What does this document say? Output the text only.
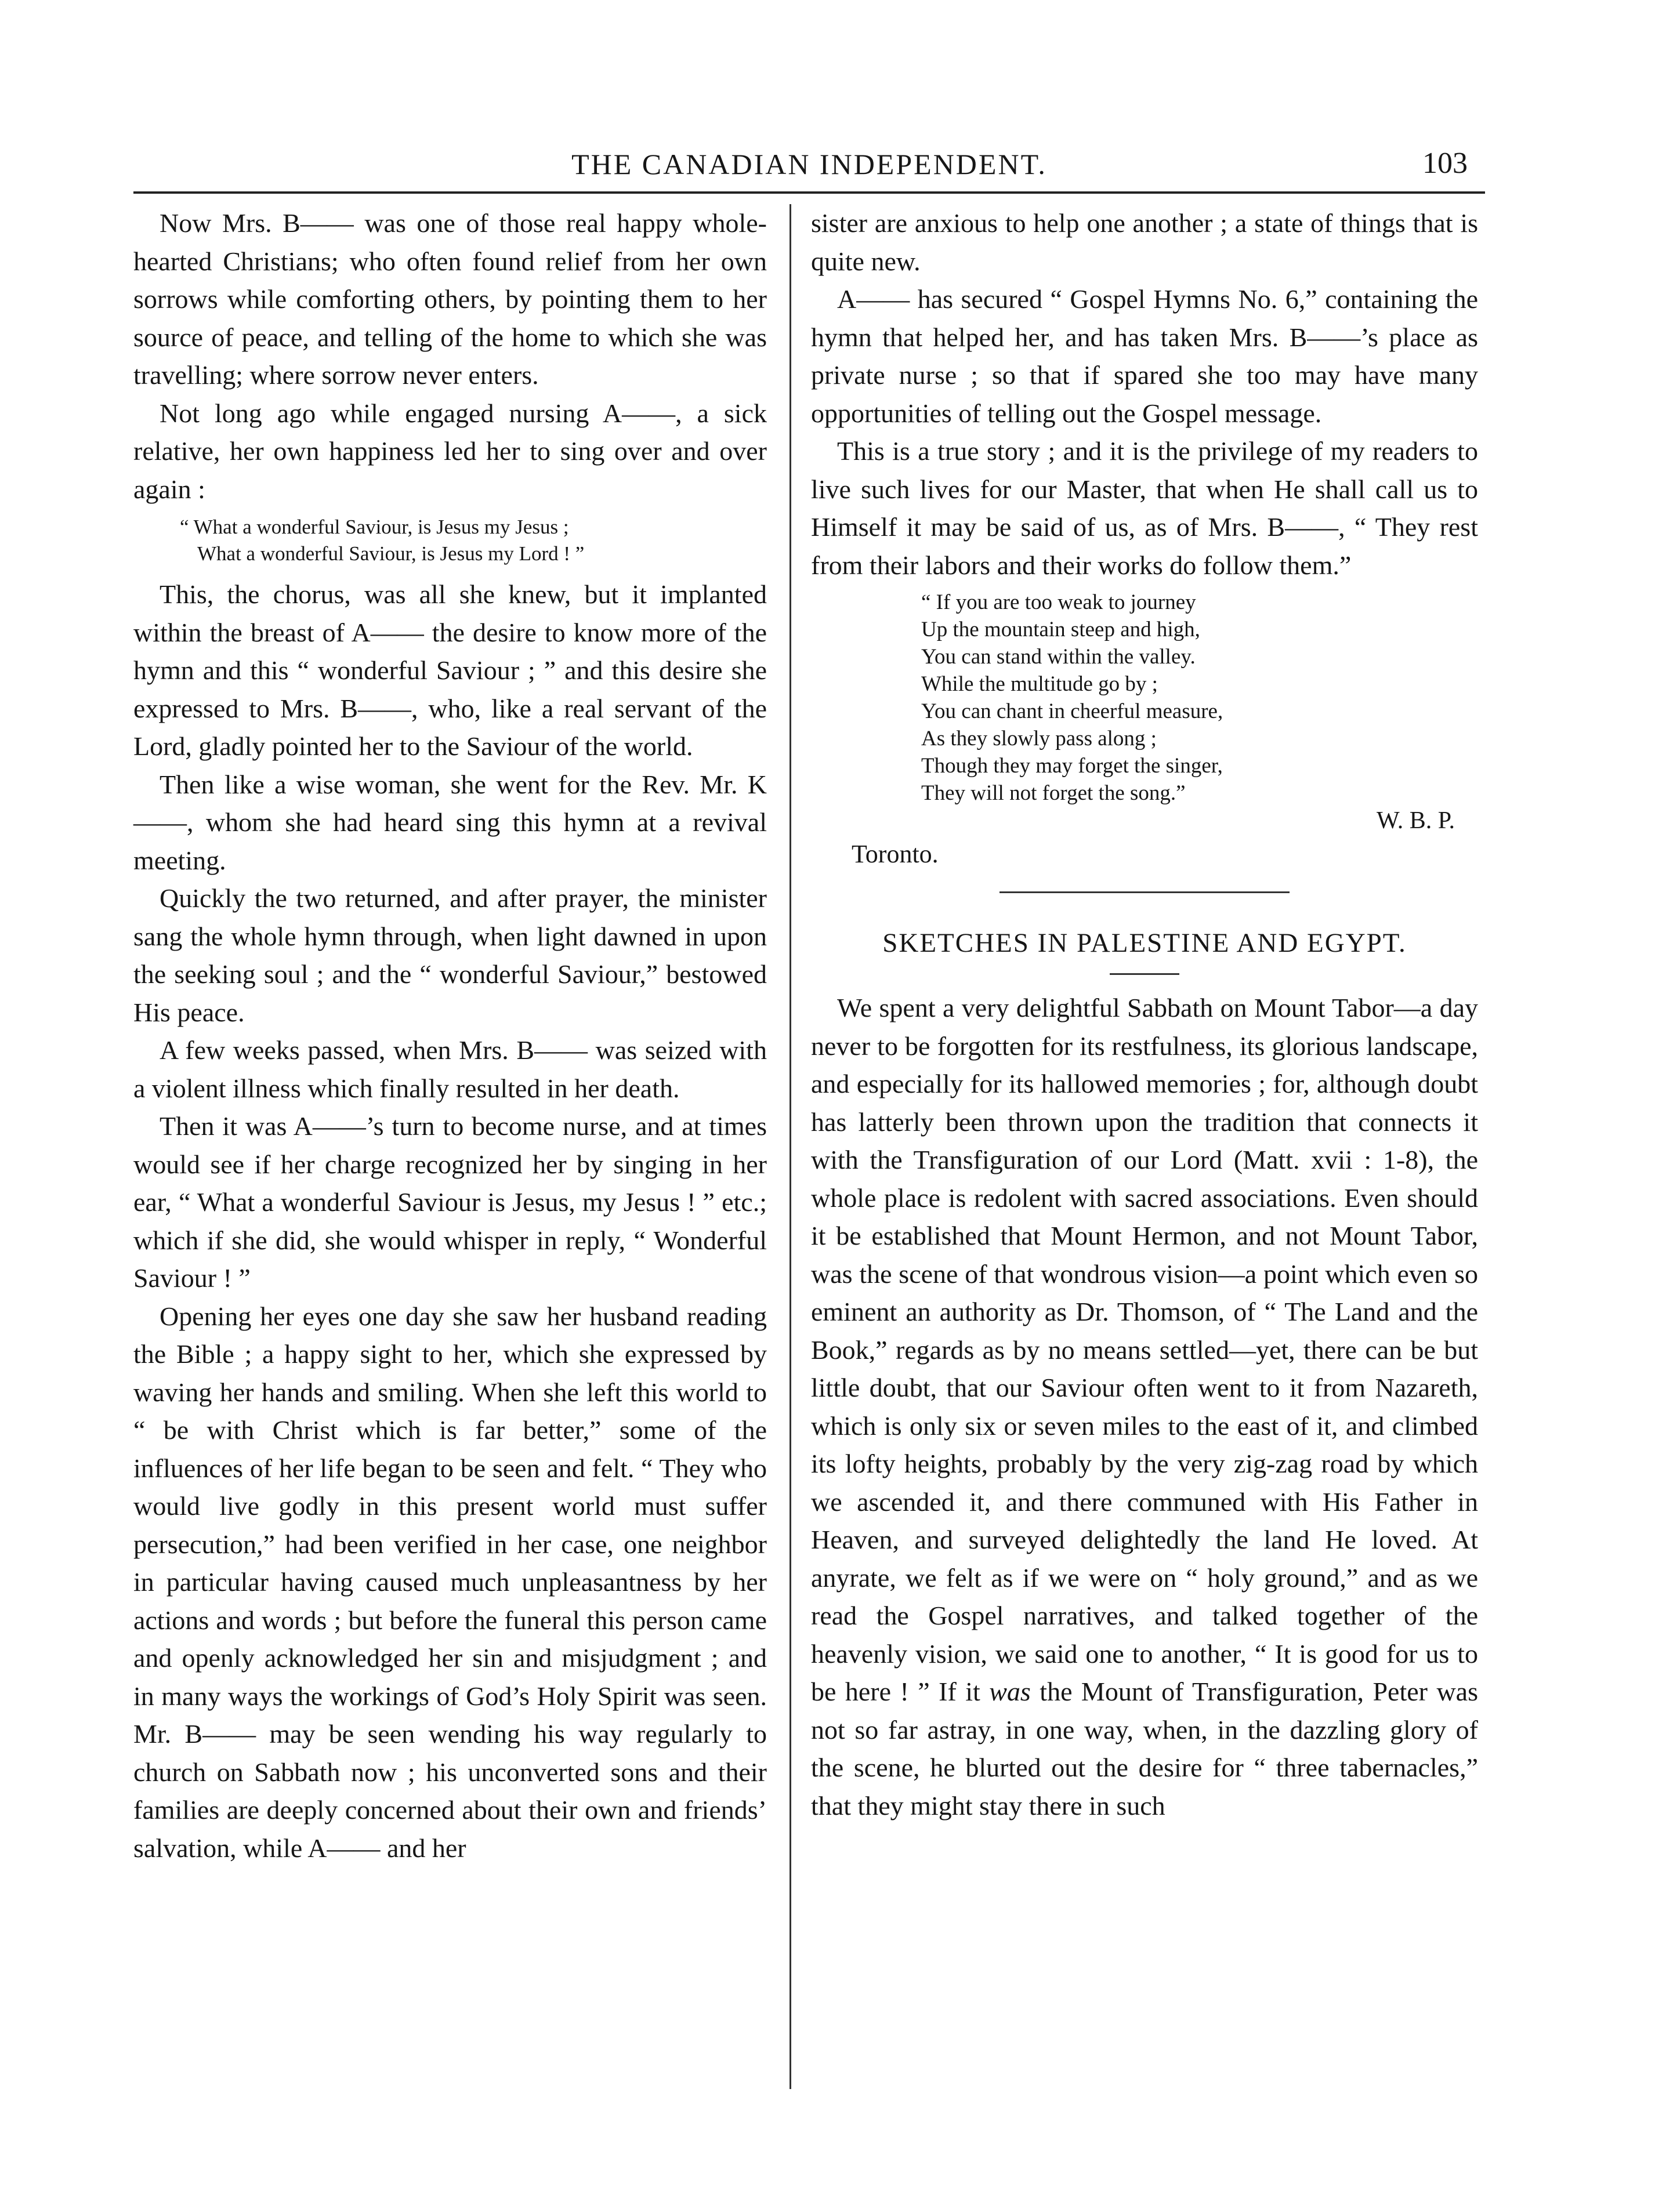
THE CANADIAN INDEPENDENT.	103

Now Mrs. B—— was one of those real happy whole-hearted Christians; who often found relief from her own sorrows while comforting others, by pointing them to her source of peace, and telling of the home to which she was travelling; where sorrow never enters.

Not long ago while engaged nursing A——, a sick relative, her own happiness led her to sing over and over again :

“ What a wonderful Saviour, is Jesus my Jesus ;
What a wonderful Saviour, is Jesus my Lord ! ”

This, the chorus, was all she knew, but it implanted within the breast of A—— the desire to know more of the hymn and this “ wonderful Saviour ; ” and this desire she expressed to Mrs. B——, who, like a real servant of the Lord, gladly pointed her to the Saviour of the world.

Then like a wise woman, she went for the Rev. Mr. K——, whom she had heard sing this hymn at a revival meeting.

Quickly the two returned, and after prayer, the minister sang the whole hymn through, when light dawned in upon the seeking soul ; and the “ wonderful Saviour,” bestowed His peace.

A few weeks passed, when Mrs. B—— was seized with a violent illness which finally resulted in her death.

Then it was A——’s turn to become nurse, and at times would see if her charge recognized her by singing in her ear, “ What a wonderful Saviour is Jesus, my Jesus ! ” etc.; which if she did, she would whisper in reply, “ Wonderful Saviour ! ”

Opening her eyes one day she saw her husband reading the Bible ; a happy sight to her, which she expressed by waving her hands and smiling. When she left this world to “ be with Christ which is far better,” some of the influences of her life began to be seen and felt. “ They who would live godly in this present world must suffer persecution,” had been verified in her case, one neighbor in particular having caused much unpleasantness by her actions and words ; but before the funeral this person came and openly acknowledged her sin and misjudgment ; and in many ways the workings of God’s Holy Spirit was seen. Mr. B—— may be seen wending his way regularly to church on Sabbath now ; his unconverted sons and their families are deeply concerned about their own and friends’ salvation, while A—— and her

sister are anxious to help one another ; a state of things that is quite new.

A—— has secured “ Gospel Hymns No. 6,” containing the hymn that helped her, and has taken Mrs. B——’s place as private nurse ; so that if spared she too may have many opportunities of telling out the Gospel message.

This is a true story ; and it is the privilege of my readers to live such lives for our Master, that when He shall call us to Himself it may be said of us, as of Mrs. B——, “ They rest from their labors and their works do follow them.”

“ If you are too weak to journey
Up the mountain steep and high,
You can stand within the valley.
While the multitude go by ;
You can chant in cheerful measure,
As they slowly pass along ;
Though they may forget the singer,
They will not forget the song.”
W. B. P.
Toronto.
SKETCHES IN PALESTINE AND EGYPT.

We spent a very delightful Sabbath on Mount Tabor—a day never to be forgotten for its restfulness, its glorious landscape, and especially for its hallowed memories ; for, although doubt has latterly been thrown upon the tradition that connects it with the Transfiguration of our Lord (Matt. xvii : 1-8), the whole place is redolent with sacred associations. Even should it be established that Mount Hermon, and not Mount Tabor, was the scene of that wondrous vision—a point which even so eminent an authority as Dr. Thomson, of “ The Land and the Book,” regards as by no means settled—yet, there can be but little doubt, that our Saviour often went to it from Nazareth, which is only six or seven miles to the east of it, and climbed its lofty heights, probably by the very zig-zag road by which we ascended it, and there communed with His Father in Heaven, and surveyed delightedly the land He loved. At anyrate, we felt as if we were on “ holy ground,” and as we read the Gospel narratives, and talked together of the heavenly vision, we said one to another, “ It is good for us to be here ! ” If it was the Mount of Transfiguration, Peter was not so far astray, in one way, when, in the dazzling glory of the scene, he blurted out the desire for “ three tabernacles,” that they might stay there in such
